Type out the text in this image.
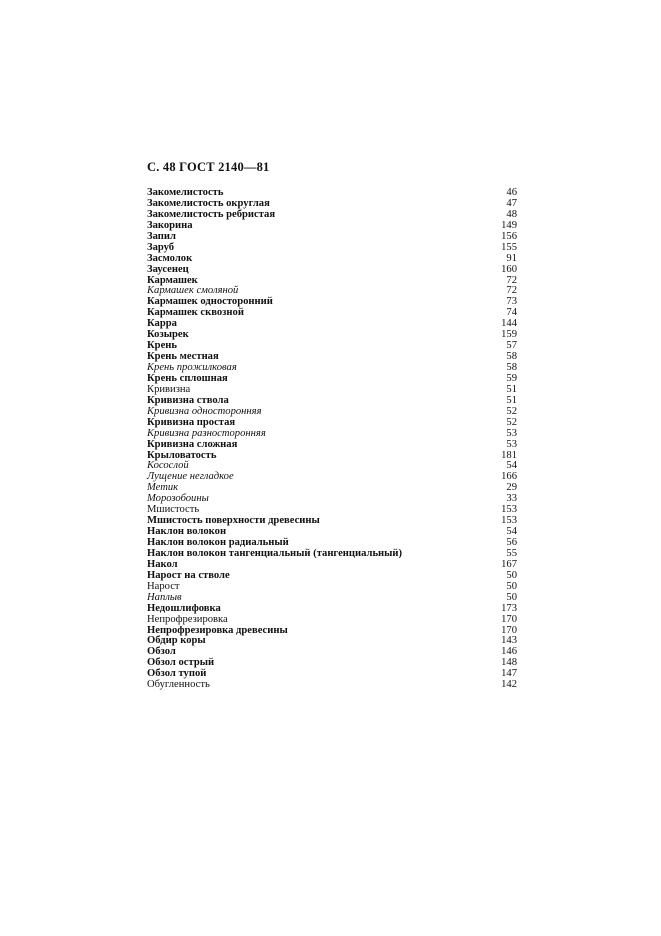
С. 48 ГОСТ 2140—81
Закомелистость	46
Закомелистость округлая	47
Закомелистость ребристая	48
Закорина	149
Запил	156
Заруб	155
Засмолок	91
Заусенец	160
Кармашек	72
Кармашек смоляной	72
Кармашек односторонний	73
Кармашек сквозной	74
Карра	144
Козырек	159
Крень	57
Крень местная	58
Крень прожилковая	58
Крень сплошная	59
Кривизна	51
Кривизна ствола	51
Кривизна односторонняя	52
Кривизна простая	52
Кривизна разносторонняя	53
Кривизна сложная	53
Крыловатость	181
Косослой	54
Лущение негладкое	166
Метик	29
Морозобоины	33
Мшистость	153
Мшистость поверхности древесины	153
Наклон волокон	54
Наклон волокон радиальный	56
Наклон волокон тангенциальный (тангенциальный)	55
Накол	167
Нарост на стволе	50
Нарост	50
Наплыв	50
Недошлифовка	173
Непрофрезировка	170
Непрофрезировка древесины	170
Обдир коры	143
Обзол	146
Обзол острый	148
Обзол тупой	147
Обугленность	142
